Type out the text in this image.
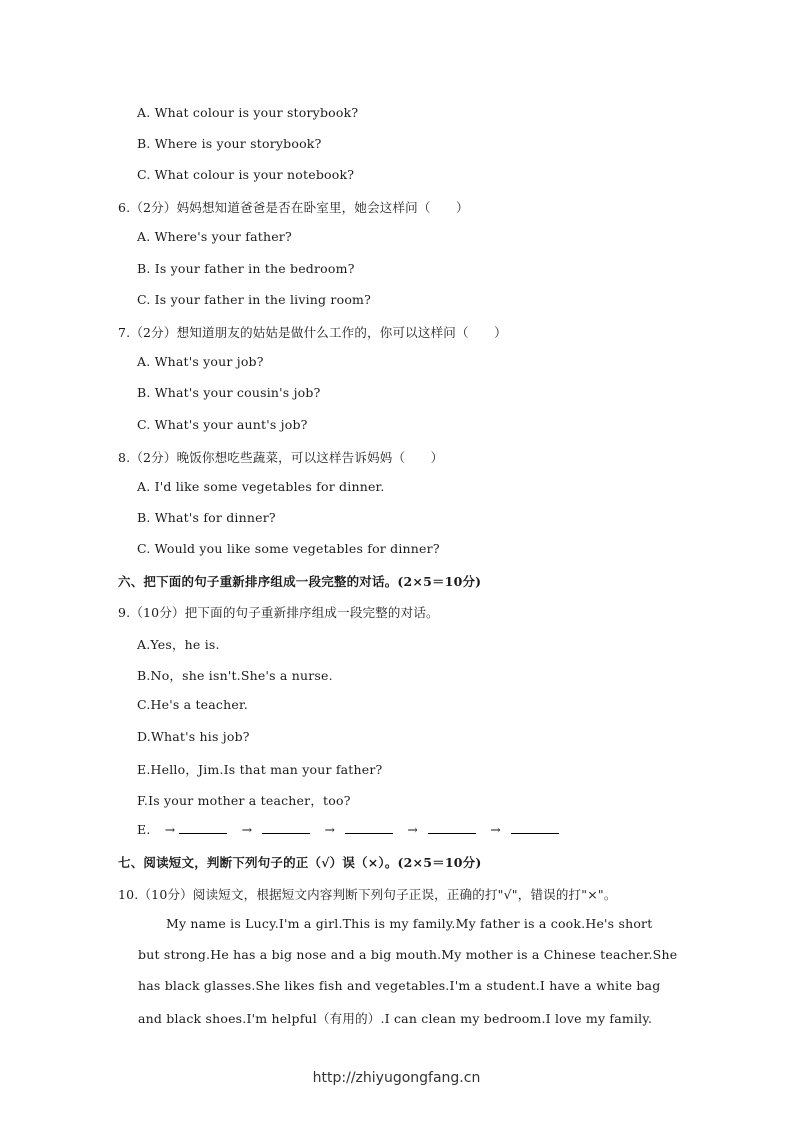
A. What colour is your storybook?
B. Where is your storybook?
C. What colour is your notebook?
6.（2分）妈妈想知道爸爸是否在卧室里，她会这样问（　　）
A. Where's your father?
B. Is your father in the bedroom?
C. Is your father in the living room?
7.（2分）想知道朋友的姑姑是做什么工作的，你可以这样问（　　）
A. What's your job?
B. What's your cousin's job?
C. What's your aunt's job?
8.（2分）晚饭你想吃些蔬菜，可以这样告诉妈妈（　　）
A. I'd like some vegetables for dinner.
B. What's for dinner?
C. Would you like some vegetables for dinner?
六、把下面的句子重新排序组成一段完整的对话。(2×5＝10分)
9.（10分）把下面的句子重新排序组成一段完整的对话。
A.Yes，he is.
B.No，she isn't.She's a nurse.
C.He's a teacher.
D.What's his job?
E.Hello，Jim.Is that man your father?
F.Is your mother a teacher，too?
E. →	→	→	→	→
七、阅读短文，判断下列句子的正（√）误（×）。(2×5＝10分)
10.（10分）阅读短文，根据短文内容判断下列句子正误，正确的打"√"，错误的打"×"。
My name is Lucy.I'm a girl.This is my family.My father is a cook.He's short
but strong.He has a big nose and a big mouth.My mother is a Chinese teacher.She
has black glasses.She likes fish and vegetables.I'm a student.I have a white bag
and black shoes.I'm helpful（有用的）.I can clean my bedroom.I love my family.
http://zhiyugongfang.cn
